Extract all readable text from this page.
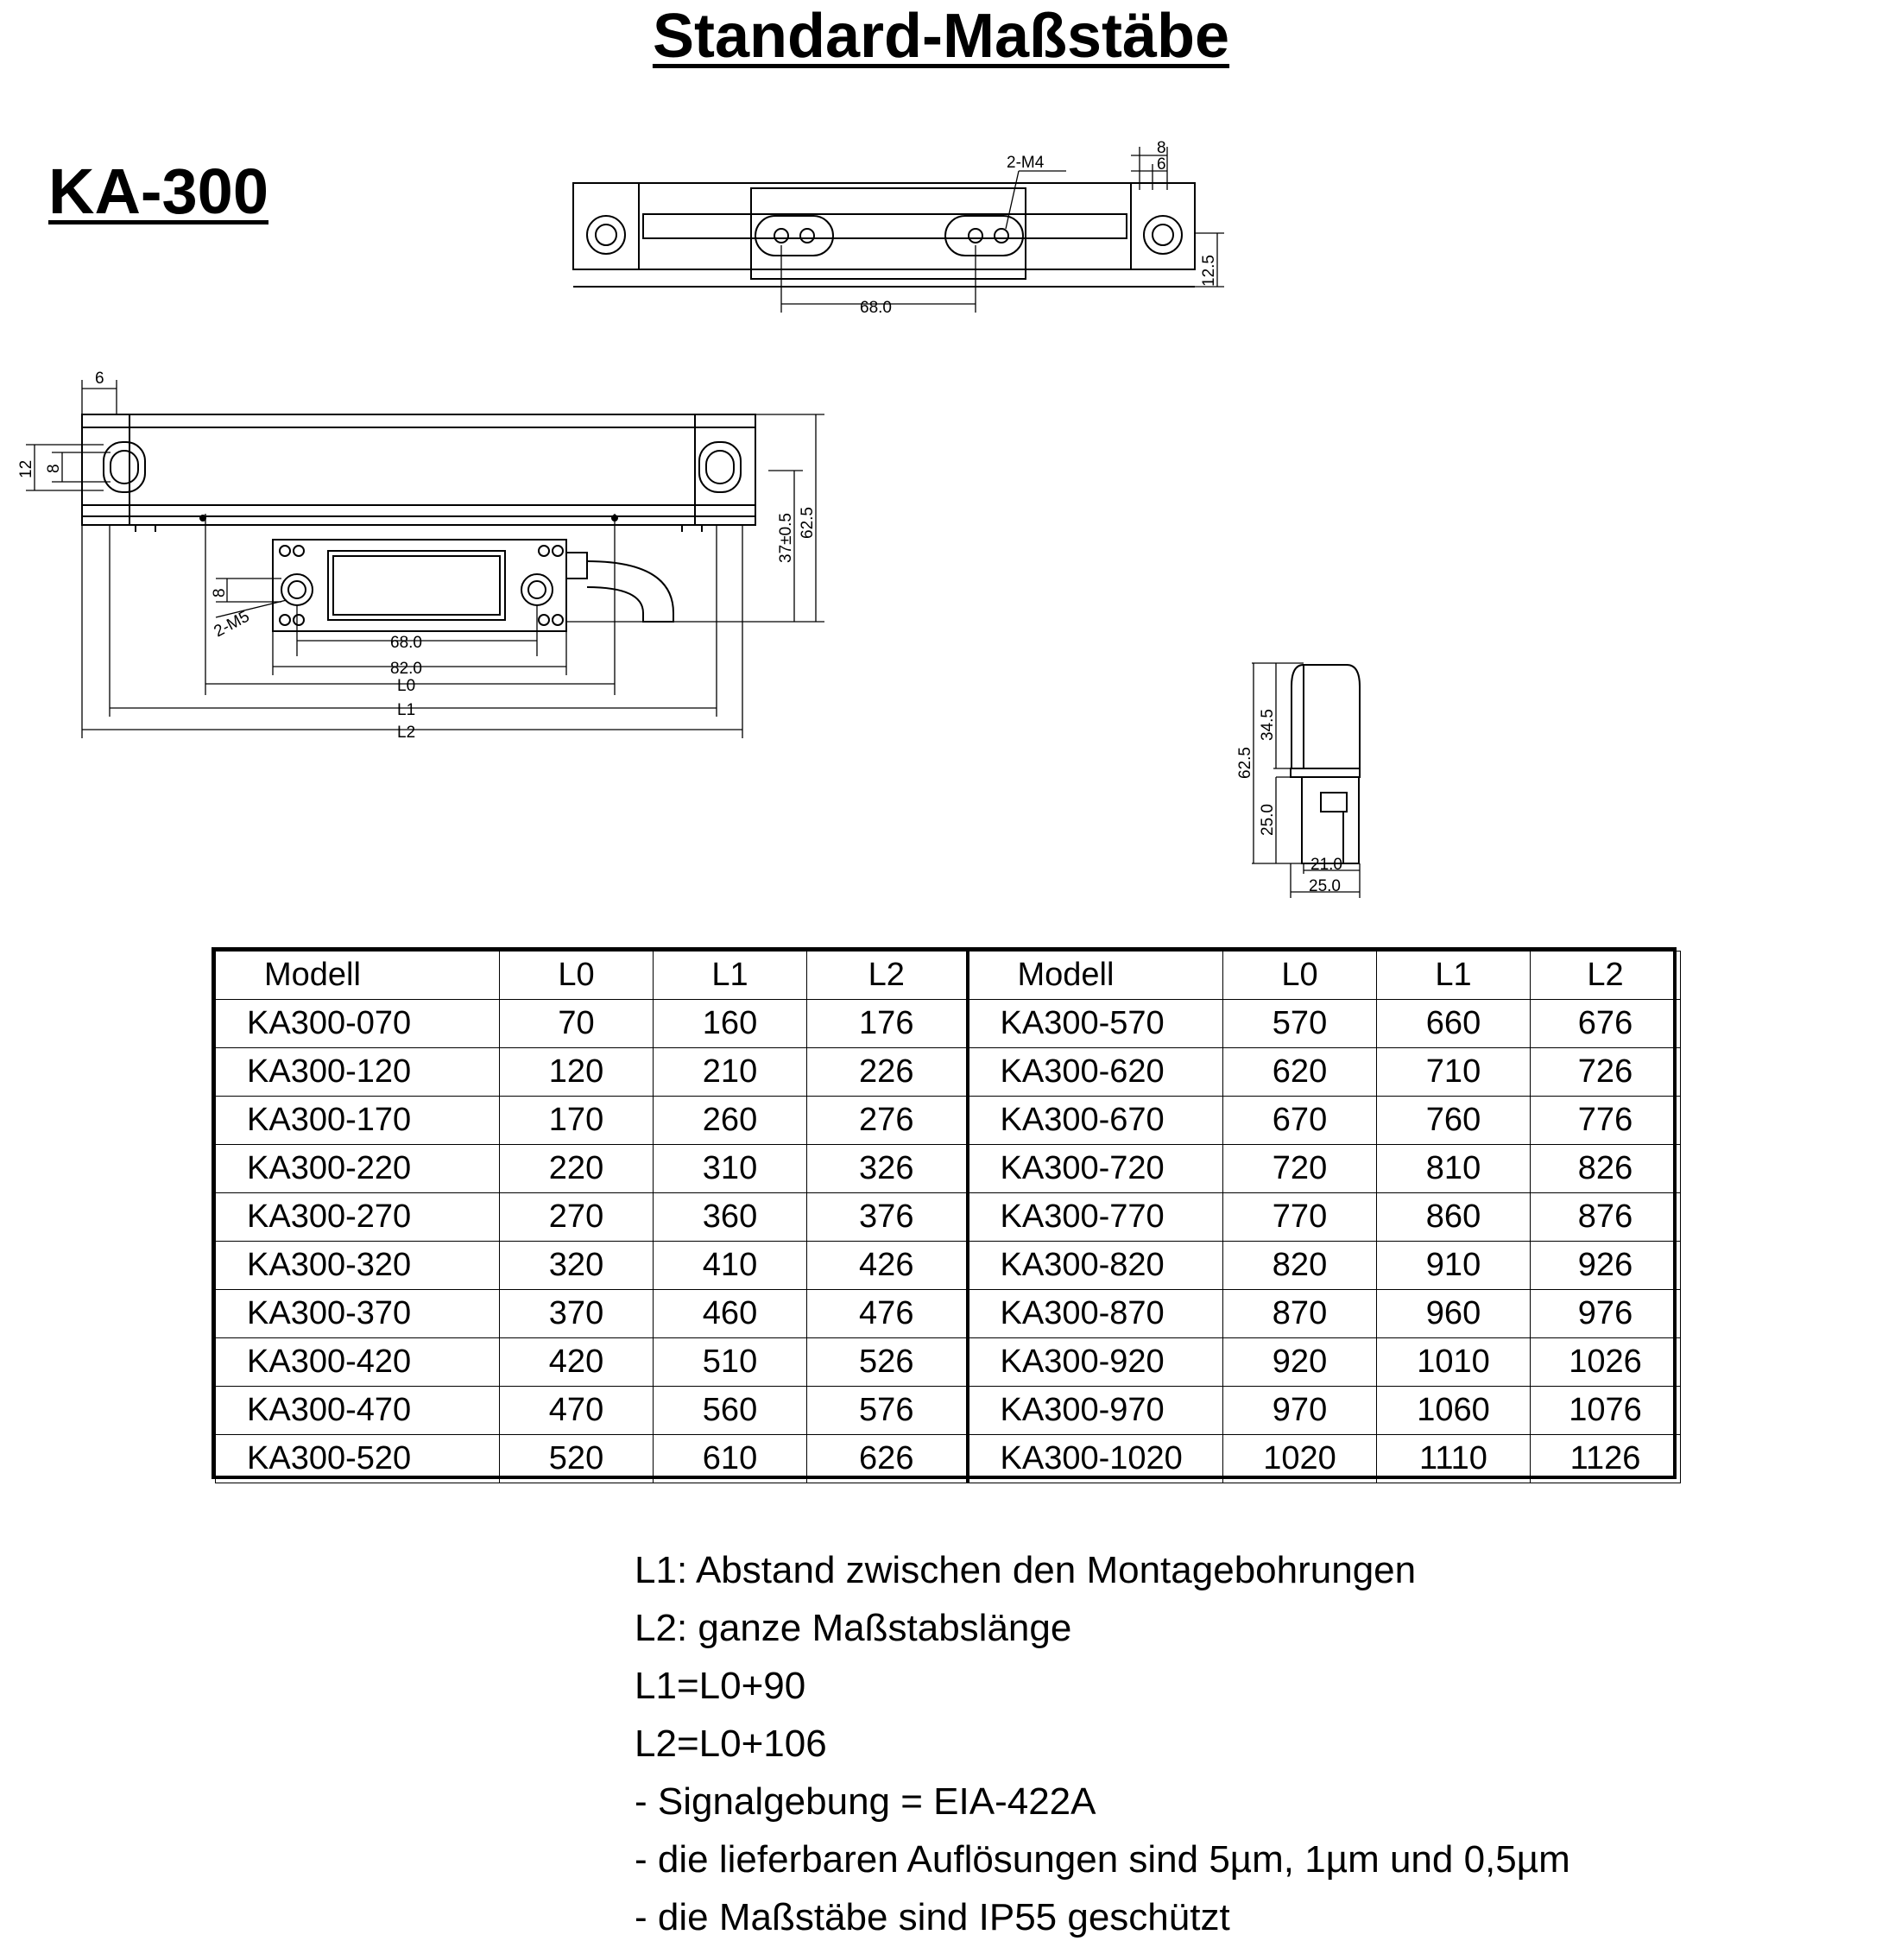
Standard-Maßstäbe
KA-300	2-M4
8
6
68.0
12.5
6
12 8
8
2-M5
37±0.5 62.5
68.0
82.0
L0
L1
L2	34.5
62.5
25.0
21.0
25.0
Modell	L0	L1	L2	Modell	L0	L1	L2
KA300-070	70	160	176	KA300-570	570	660	676
KA300-120	120	210	226	KA300-620	620	710	726
KA300-170	170	260	276	KA300-670	670	760	776
KA300-220	220	310	326	KA300-720	720	810	826
KA300-270	270	360	376	KA300-770	770	860	876
KA300-320	320	410	426	KA300-820	820	910	926
KA300-370	370	460	476	KA300-870	870	960	976
KA300-420	420	510	526	KA300-920	920	1010	1026
KA300-470	470	560	576	KA300-970	970	1060	1076
KA300-520	520	610	626	KA300-1020	1020	1110	1126
L1: Abstand zwischen den Montagebohrungen
L2: ganze Maßstabslänge
L1=L0+90
L2=L0+106
- Signalgebung = EIA-422A
- die lieferbaren Auflösungen sind 5µm, 1µm und 0,5µm
- die Maßstäbe sind IP55 geschützt
